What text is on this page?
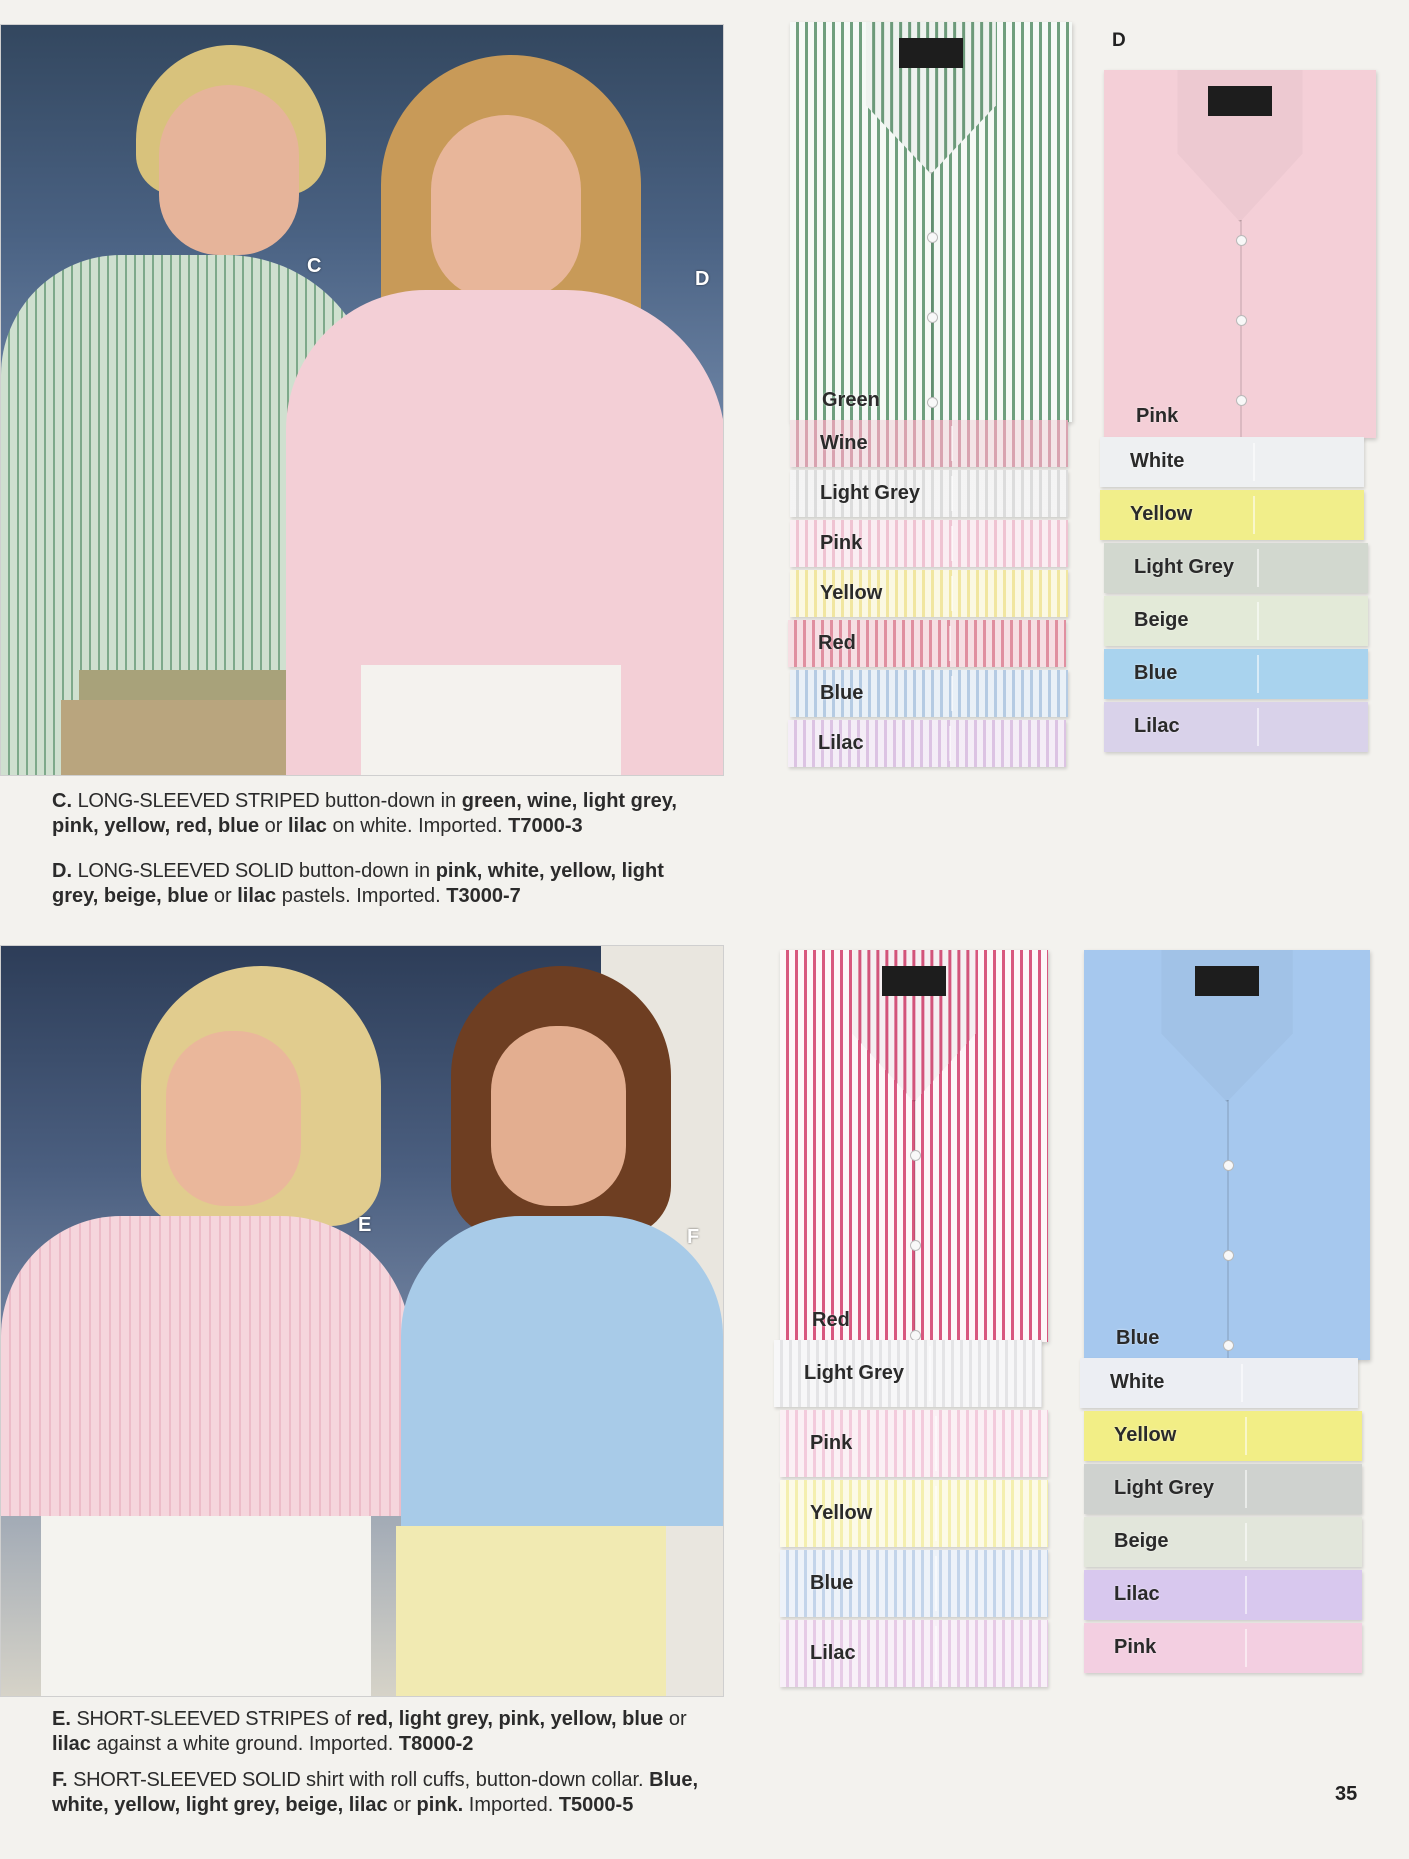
C
D

C. LONG-SLEEVED STRIPED button-down in green, wine, light grey, pink, yellow, red, blue or lilac on white. Imported. T7000-3

D. LONG-SLEEVED SOLID button-down in pink, white, yellow, light grey, beige, blue or lilac pastels. Imported. T3000-7

E
F

E. SHORT-SLEEVED STRIPES of red, light grey, pink, yellow, blue or lilac against a white ground. Imported. T8000-2

F. SHORT-SLEEVED SOLID shirt with roll cuffs, button-down collar. Blue, white, yellow, light grey, beige, lilac or pink. Imported. T5000-5

Green
Wine
Light Grey
Pink
Yellow
Red
Blue
Lilac
D
Pink
White
Yellow
Light Grey
Beige
Blue
Lilac
Red
Light Grey
Pink
Yellow
Blue
Lilac
Blue
White
Yellow
Light Grey
Beige
Lilac
Pink
35
